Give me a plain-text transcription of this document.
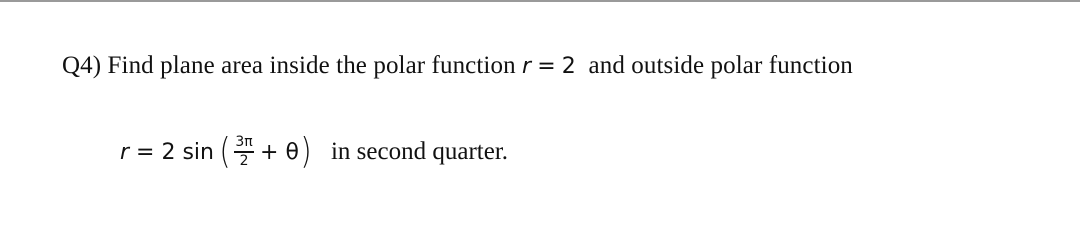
Q4) Find plane area inside the polar function r = 2 and outside polar function
r = 2 sin ( $\frac{3\pi}{2} + \theta$ ) in second quarter.
